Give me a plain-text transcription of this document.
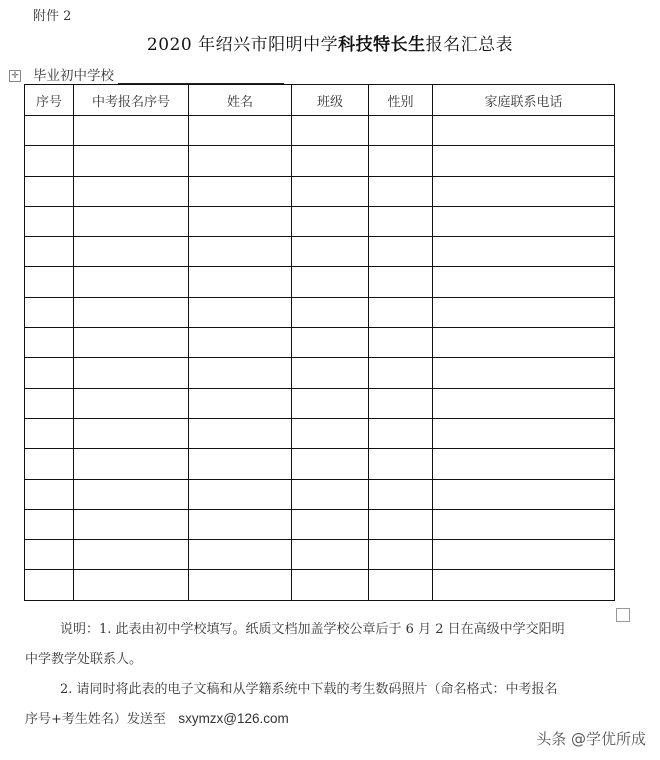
附件 2
2020 年绍兴市阳明中学科技特长生报名汇总表
✛ 毕业初中学校
序号	中考报名序号	姓名	班级	性别	家庭联系电话

说明：1. 此表由初中学校填写。纸质文档加盖学校公章后于 6 月 2 日在高级中学交阳明
中学教学处联系人。
2. 请同时将此表的电子文稿和从学籍系统中下载的考生数码照片（命名格式：中考报名
序号+考生姓名）发送至 sxymzx@126.com
头条 @学优所成
